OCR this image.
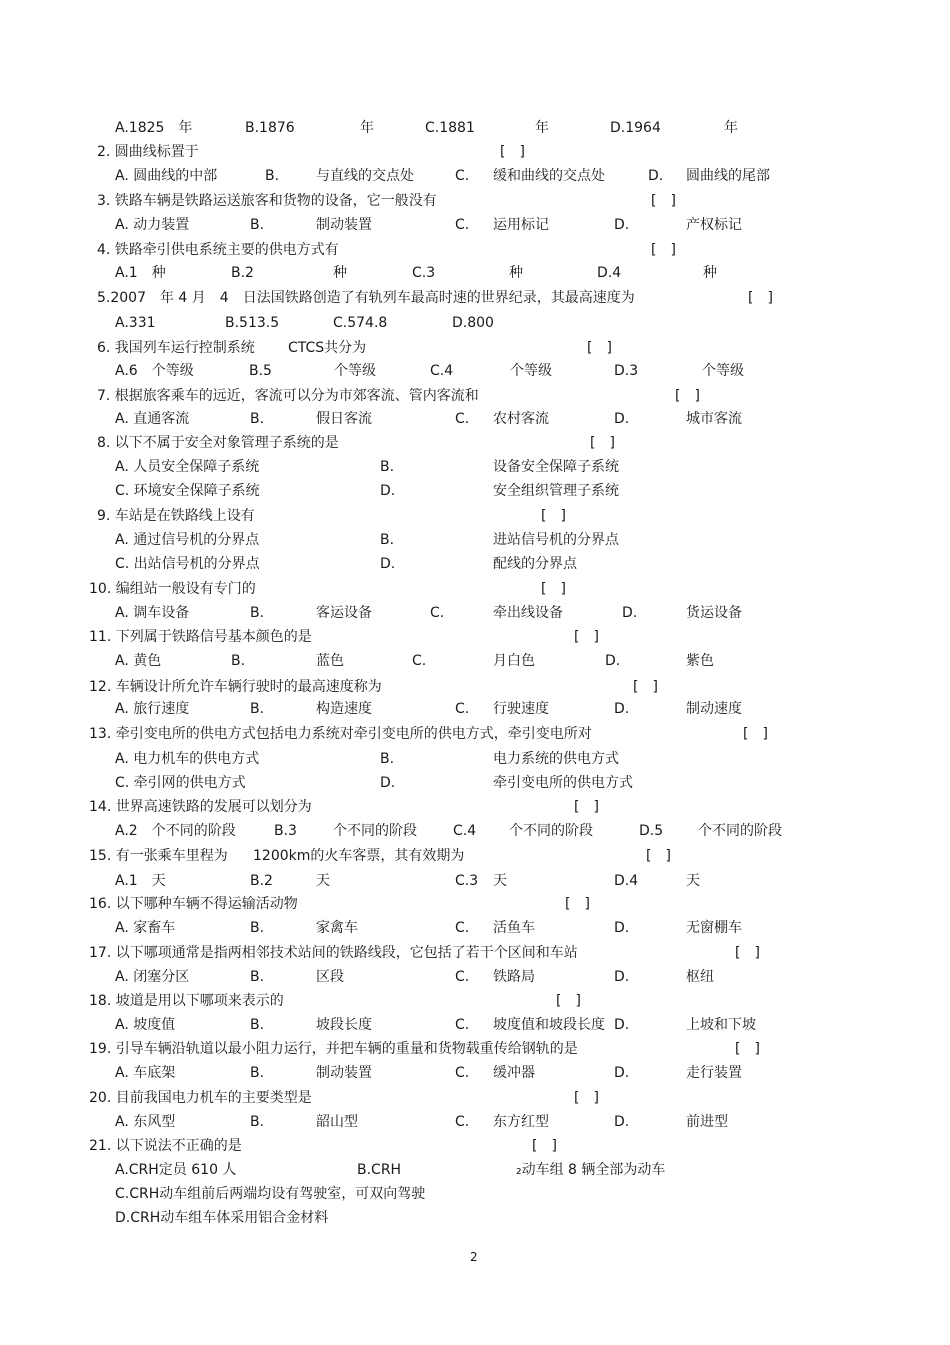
A.1825　年	B.1876	年	C.1881	年	D.1964	年
2. 圆曲线标置于	[　]
A. 圆曲线的中部	B.	与直线的交点处	C. 缓和曲线的交点处	D. 圆曲线的尾部
3. 铁路车辆是铁路运送旅客和货物的设备，它一般没有	[　]
A. 动力装置	B.	制动装置	C. 运用标记	D.	产权标记
4. 铁路牵引供电系统主要的供电方式有	[　]
A.1　种	B.2	种	C.3	种	D.4	种
5.2007　年 4 月　4　日法国铁路创造了有轨列车最高时速的世界纪录，其最高速度为	[　]
A.331	B.513.5	C.574.8	D.800
6. 我国列车运行控制系统 CTCS共分为	[　]
A.6　个等级	B.5	个等级	C.4	个等级	D.3	个等级
7. 根据旅客乘车的远近，客流可以分为市郊客流、管内客流和	[　]
A. 直通客流	B.	假日客流	C. 农村客流	D.	城市客流
8. 以下不属于安全对象管理子系统的是	[　]
A. 人员安全保障子系统	B.	设备安全保障子系统
C. 环境安全保障子系统	D.	安全组织管理子系统
9. 车站是在铁路线上设有	[　]
A. 通过信号机的分界点	B.	进站信号机的分界点
C. 出站信号机的分界点	D.	配线的分界点
10. 编组站一般设有专门的	[　]
A. 调车设备	B.	客运设备	C.	牵出线设备	D.	货运设备
11. 下列属于铁路信号基本颜色的是	[　]
A. 黄色	B.	蓝色	C.	月白色	D.	紫色
12. 车辆设计所允许车辆行驶时的最高速度称为	[　]
A. 旅行速度	B.	构造速度	C. 行驶速度	D.	制动速度
13. 牵引变电所的供电方式包括电力系统对牵引变电所的供电方式，牵引变电所对	[　]
A. 电力机车的供电方式	B.	电力系统的供电方式
C. 牵引网的供电方式	D.	牵引变电所的供电方式
14. 世界高速铁路的发展可以划分为	[　]
A.2　个不同的阶段	B.3	个不同的阶段	C.4 个不同的阶段	D.5 个不同的阶段
15. 有一张乘车里程为 1200km的火车客票，其有效期为	[　]
A.1　天	B.2	天	C.3 天	D.4	天
16. 以下哪种车辆不得运输活动物	[　]
A. 家畜车	B.	家禽车	C. 活鱼车	D.	无窗棚车
17. 以下哪项通常是指两相邻技术站间的铁路线段，它包括了若干个区间和车站	[　]
A. 闭塞分区	B.	区段	C. 铁路局	D.	枢纽
18. 坡道是用以下哪项来表示的	[　]
A. 坡度值	B.	坡段长度	C. 坡度值和坡段长度 D.	上坡和下坡
19. 引导车辆沿轨道以最小阻力运行，并把车辆的重量和货物载重传给钢轨的是	[　]
A. 车底架	B.	制动装置	C. 缓冲器	D.	走行装置
20. 目前我国电力机车的主要类型是	[　]
A. 东风型	B.	韶山型	C. 东方红型	D.	前进型
21. 以下说法不正确的是	[　]
A.CRH定员 610 人	B.CRH	₂动车组 8 辆全部为动车
C.CRH动车组前后两端均设有驾驶室，可双向驾驶
D.CRH动车组车体采用铝合金材料
2
